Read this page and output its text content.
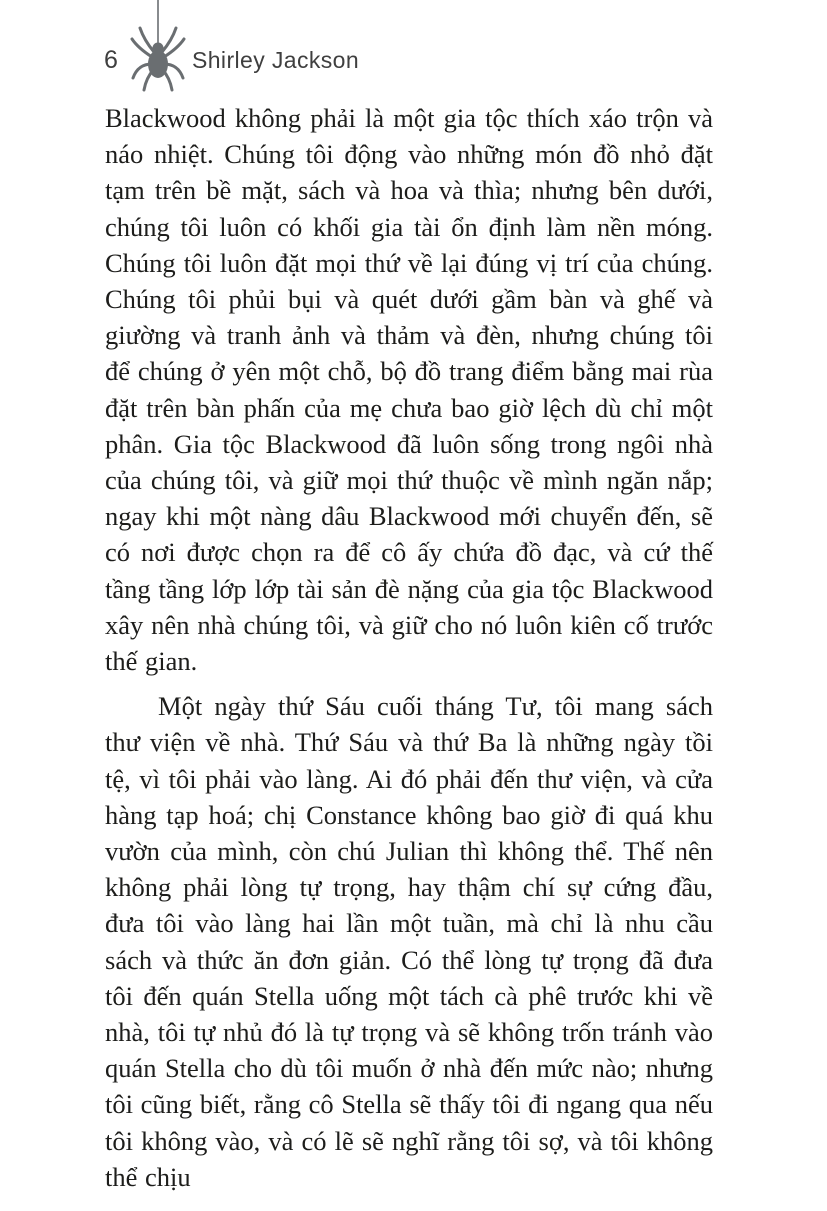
6	Shirley Jackson

Blackwood không phải là một gia tộc thích xáo trộn và náo nhiệt. Chúng tôi động vào những món đồ nhỏ đặt tạm trên bề mặt, sách và hoa và thìa; nhưng bên dưới, chúng tôi luôn có khối gia tài ổn định làm nền móng. Chúng tôi luôn đặt mọi thứ về lại đúng vị trí của chúng. Chúng tôi phủi bụi và quét dưới gầm bàn và ghế và giường và tranh ảnh và thảm và đèn, nhưng chúng tôi để chúng ở yên một chỗ, bộ đồ trang điểm bằng mai rùa đặt trên bàn phấn của mẹ chưa bao giờ lệch dù chỉ một phân. Gia tộc Blackwood đã luôn sống trong ngôi nhà của chúng tôi, và giữ mọi thứ thuộc về mình ngăn nắp; ngay khi một nàng dâu Blackwood mới chuyển đến, sẽ có nơi được chọn ra để cô ấy chứa đồ đạc, và cứ thế tầng tầng lớp lớp tài sản đè nặng của gia tộc Blackwood xây nên nhà chúng tôi, và giữ cho nó luôn kiên cố trước thế gian.

Một ngày thứ Sáu cuối tháng Tư, tôi mang sách thư viện về nhà. Thứ Sáu và thứ Ba là những ngày tồi tệ, vì tôi phải vào làng. Ai đó phải đến thư viện, và cửa hàng tạp hoá; chị Constance không bao giờ đi quá khu vườn của mình, còn chú Julian thì không thể. Thế nên không phải lòng tự trọng, hay thậm chí sự cứng đầu, đưa tôi vào làng hai lần một tuần, mà chỉ là nhu cầu sách và thức ăn đơn giản. Có thể lòng tự trọng đã đưa tôi đến quán Stella uống một tách cà phê trước khi về nhà, tôi tự nhủ đó là tự trọng và sẽ không trốn tránh vào quán Stella cho dù tôi muốn ở nhà đến mức nào; nhưng tôi cũng biết, rằng cô Stella sẽ thấy tôi đi ngang qua nếu tôi không vào, và có lẽ sẽ nghĩ rằng tôi sợ, và tôi không thể chịu
